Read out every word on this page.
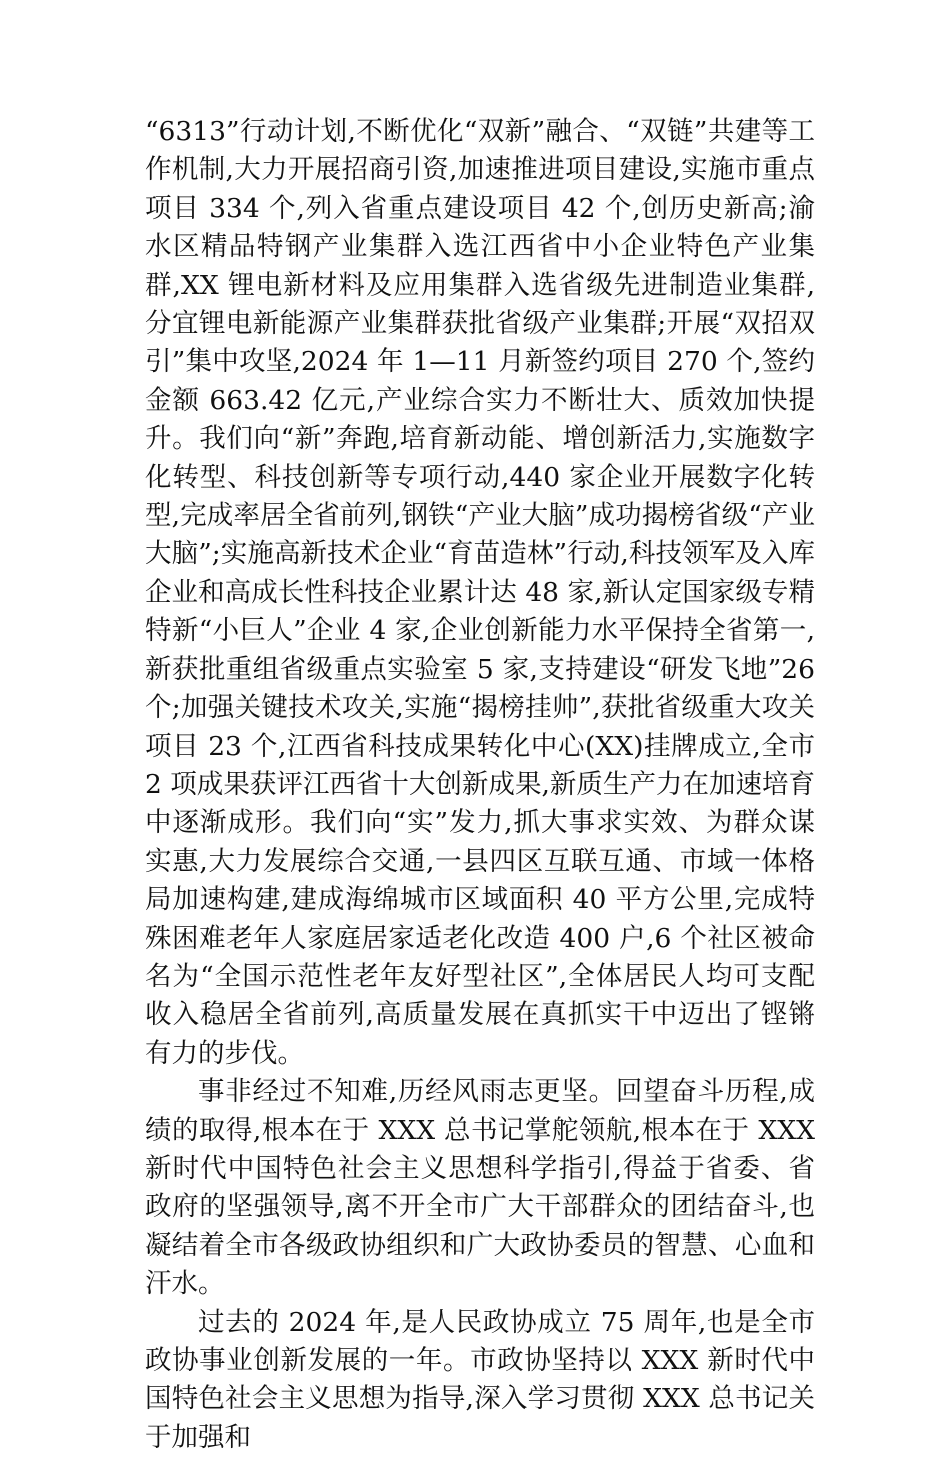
“6313”行动计划,不断优化“双新”融合、“双链”共建等工作机制,大力开展招商引资,加速推进项目建设,实施市重点项目 334 个,列入省重点建设项目 42 个,创历史新高;渝水区精品特钢产业集群入选江西省中小企业特色产业集群,XX 锂电新材料及应用集群入选省级先进制造业集群,分宜锂电新能源产业集群获批省级产业集群;开展“双招双引”集中攻坚,2024 年 1—11 月新签约项目 270 个,签约金额 663.42 亿元,产业综合实力不断壮大、质效加快提升。我们向“新”奔跑,培育新动能、增创新活力,实施数字化转型、科技创新等专项行动,440 家企业开展数字化转型,完成率居全省前列,钢铁“产业大脑”成功揭榜省级“产业大脑”;实施高新技术企业“育苗造林”行动,科技领军及入库企业和高成长性科技企业累计达 48 家,新认定国家级专精特新“小巨人”企业 4 家,企业创新能力水平保持全省第一,新获批重组省级重点实验室 5 家,支持建设“研发飞地”26 个;加强关键技术攻关,实施“揭榜挂帅”,获批省级重大攻关项目 23 个,江西省科技成果转化中心(XX)挂牌成立,全市 2 项成果获评江西省十大创新成果,新质生产力在加速培育中逐渐成形。我们向“实”发力,抓大事求实效、为群众谋实惠,大力发展综合交通,一县四区互联互通、市域一体格局加速构建,建成海绵城市区域面积 40 平方公里,完成特殊困难老年人家庭居家适老化改造 400 户,6 个社区被命名为“全国示范性老年友好型社区”,全体居民人均可支配收入稳居全省前列,高质量发展在真抓实干中迈出了铿锵有力的步伐。

事非经过不知难,历经风雨志更坚。回望奋斗历程,成绩的取得,根本在于 XXX 总书记掌舵领航,根本在于 XXX 新时代中国特色社会主义思想科学指引,得益于省委、省政府的坚强领导,离不开全市广大干部群众的团结奋斗,也凝结着全市各级政协组织和广大政协委员的智慧、心血和汗水。

过去的 2024 年,是人民政协成立 75 周年,也是全市政协事业创新发展的一年。市政协坚持以 XXX 新时代中国特色社会主义思想为指导,深入学习贯彻 XXX 总书记关于加强和
